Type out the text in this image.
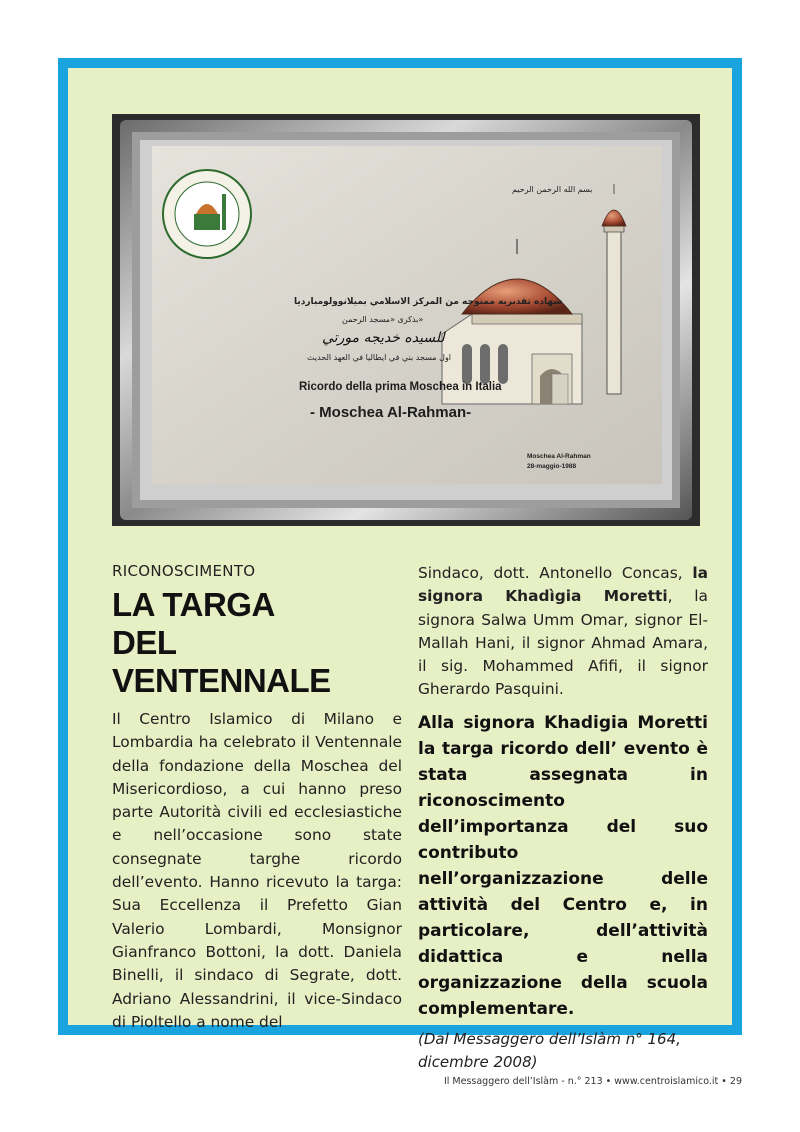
بسم الله الرحمن الرحيم
شهاده تقديريه ممنوحه من المركز الاسلامي بميلانوولومبارديا
بذكرى «مسجد الرحمن»
للسيده خديجه مورتي
اول مسجد بني في ايطاليا في العهد الحديث
Ricordo della prima Moschea in Italia
- Moschea Al-Rahman-
Moschea Al-Rahman
28-maggio-1988

RICONOSCIMENTO

LA TARGA
DEL VENTENNALE

Il Centro Islamico di Milano e Lombardia ha celebrato il Ventennale della fondazione della Moschea del Misericordioso, a cui hanno preso parte Autorità civili ed ecclesiastiche e nell’occasione sono state consegnate targhe ricordo dell’evento. Hanno ricevuto la targa: Sua Eccellenza il Prefetto Gian Valerio Lombardi, Monsignor Gianfranco Bottoni, la dott. Daniela Binelli, il sindaco di Segrate, dott. Adriano Alessandrini, il vice-Sindaco di Pioltello a nome del

Sindaco, dott. Antonello Concas, la signora Khadìgia Moretti, la signora Salwa Umm Omar, signor El-Mallah Hani, il signor Ahmad Amara, il sig. Mohammed Afifi, il signor Gherardo Pasquini.

Alla signora Khadigia Moretti la targa ricordo dell’ evento è stata assegnata in riconoscimento dell’importanza del suo contributo nell’organizzazione delle attività del Centro e, in particolare, dell’attività didattica e nella organizzazione della scuola complementare.

(Dal Messaggero dell’Islàm n° 164, dicembre 2008)

Il Messaggero dell’Islàm - n.° 213 • www.centroislamico.it • 29
